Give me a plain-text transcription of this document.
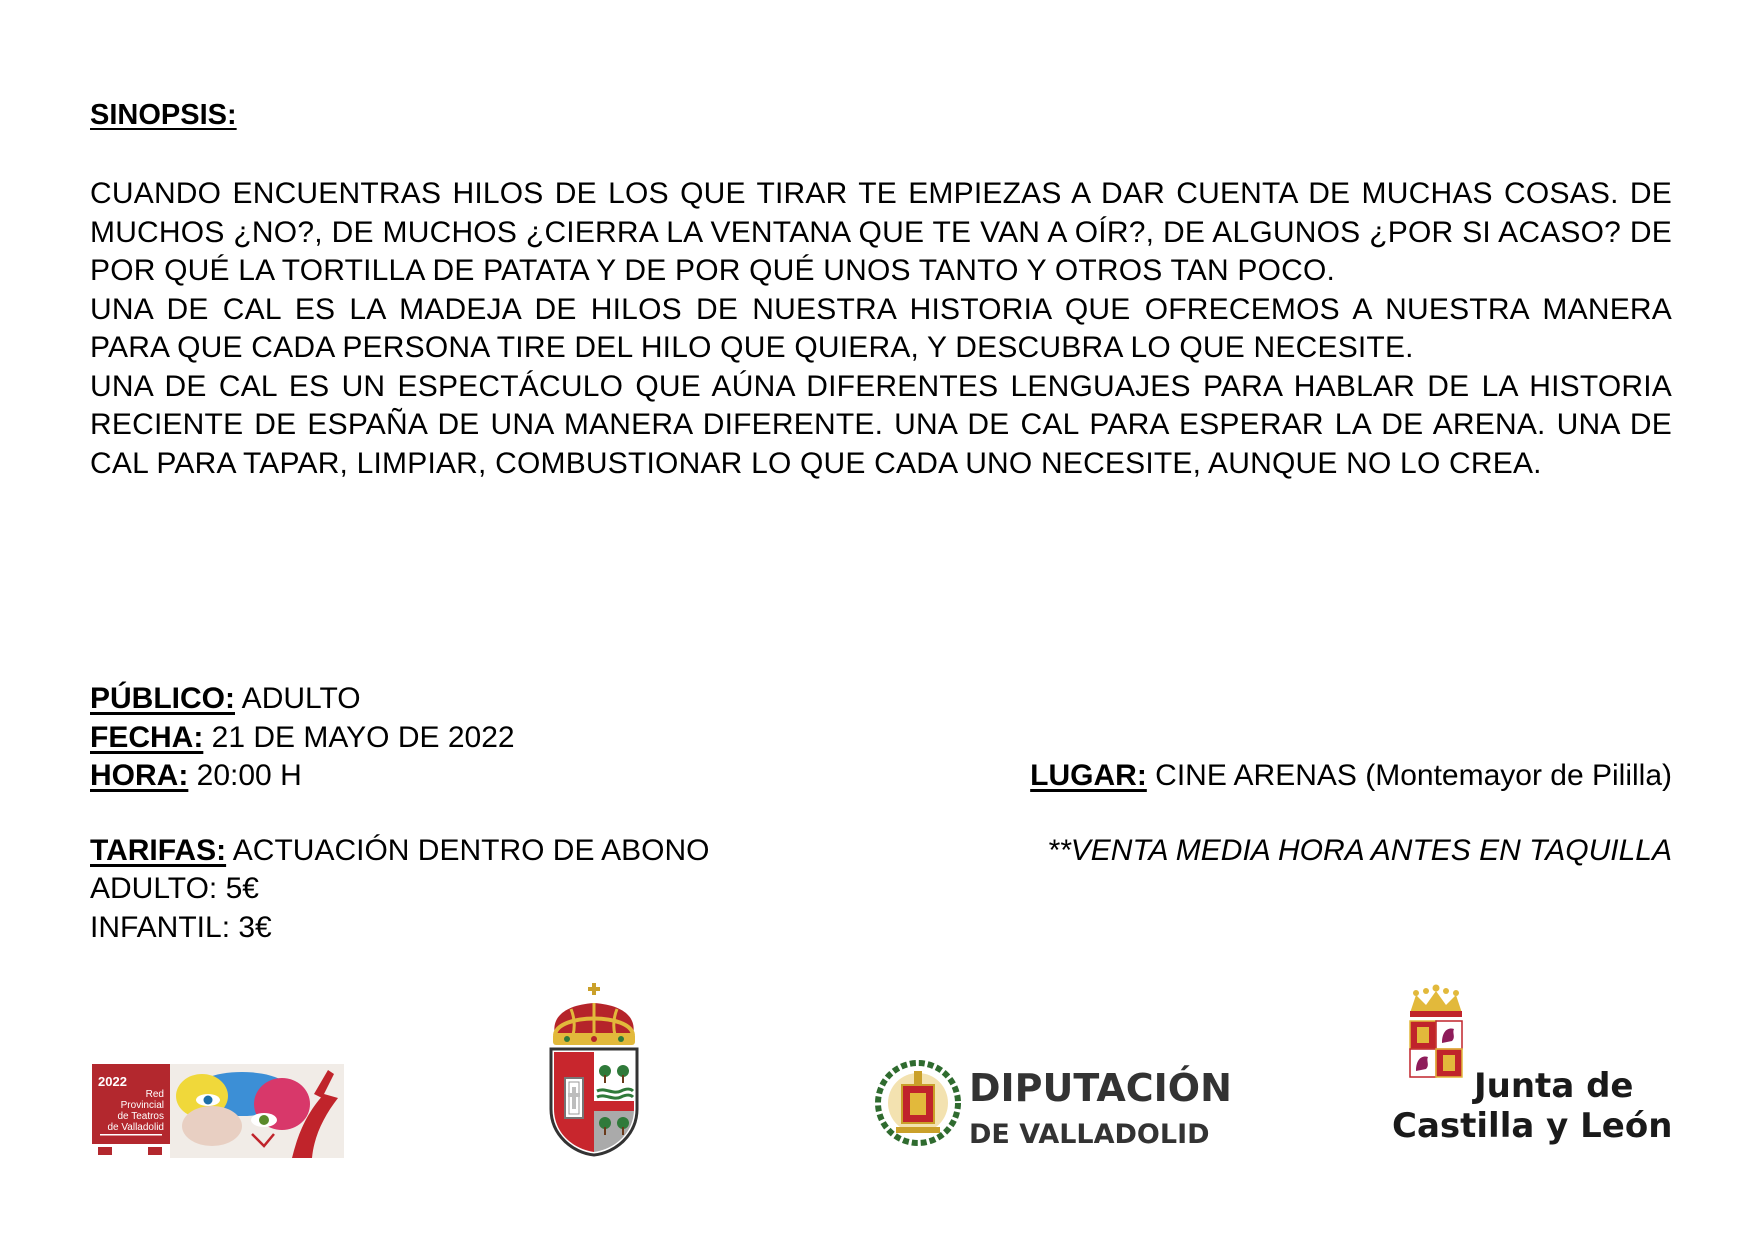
SINOPSIS:

CUANDO ENCUENTRAS HILOS DE LOS QUE TIRAR TE EMPIEZAS A DAR CUENTA DE MUCHAS COSAS. DE MUCHOS ¿NO?, DE MUCHOS ¿CIERRA LA VENTANA QUE TE VAN A OÍR?, DE ALGUNOS ¿POR SI ACASO? DE POR QUÉ LA TORTILLA DE PATATA Y DE POR QUÉ UNOS TANTO Y OTROS TAN POCO.

UNA DE CAL ES LA MADEJA DE HILOS DE NUESTRA HISTORIA QUE OFRECEMOS A NUESTRA MANERA PARA QUE CADA PERSONA TIRE DEL HILO QUE QUIERA, Y DESCUBRA LO QUE NECESITE.

UNA DE CAL ES UN ESPECTÁCULO QUE AÚNA DIFERENTES LENGUAJES PARA HABLAR DE LA HISTORIA RECIENTE DE ESPAÑA DE UNA MANERA DIFERENTE. UNA DE CAL PARA ESPERAR LA DE ARENA. UNA DE CAL PARA TAPAR, LIMPIAR, COMBUSTIONAR LO QUE CADA UNO NECESITE, AUNQUE NO LO CREA.

PÚBLICO: ADULTO
FECHA: 21 DE MAYO DE 2022
HORA: 20:00 H	LUGAR: CINE ARENAS (Montemayor de Pililla)
TARIFAS: ACTUACIÓN DENTRO DE ABONO	**VENTA MEDIA HORA ANTES EN TAQUILLA
ADULTO: 5€
INFANTIL: 3€
2022
Red
Provincial
de Teatros
de Valladolid
DIPUTACIÓN
DE VALLADOLID
Junta de
Castilla y León
